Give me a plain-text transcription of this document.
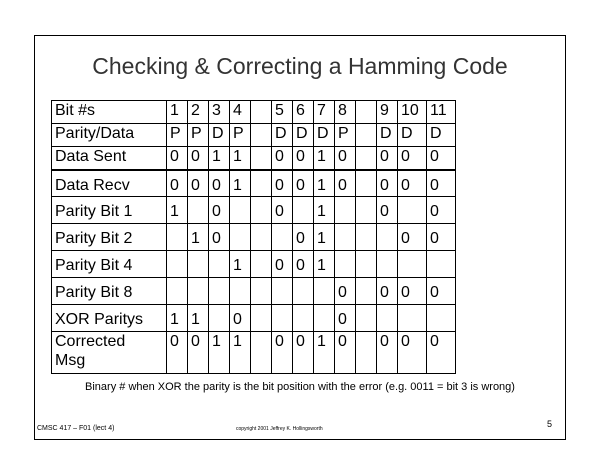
Checking & Correcting a Hamming Code
Bit #s	1	2	3	4		5	6	7	8		9	10	11
Parity/Data	P	P	D	P		D	D	D	P		D	D	D
Data Sent	0	0	1	1		0	0	1	0		0	0	0
Data Recv	0	0	0	1		0	0	1	0		0	0	0
Parity Bit 1	1		0			0		1			0		0
Parity Bit 2		1	0				0	1				0	0
Parity Bit 4				1		0	0	1					
Parity Bit 8									0		0	0	0
XOR Paritys	1	1		0					0				
Corrected
Msg	0	0	1	1		0	0	1	0		0	0	0
Binary # when XOR the parity is the bit position with the error (e.g. 0011 = bit 3 is wrong)
CMSC 417 – F01 (lect 4)	copyright 2001 Jeffrey K. Hollingsworth	5
